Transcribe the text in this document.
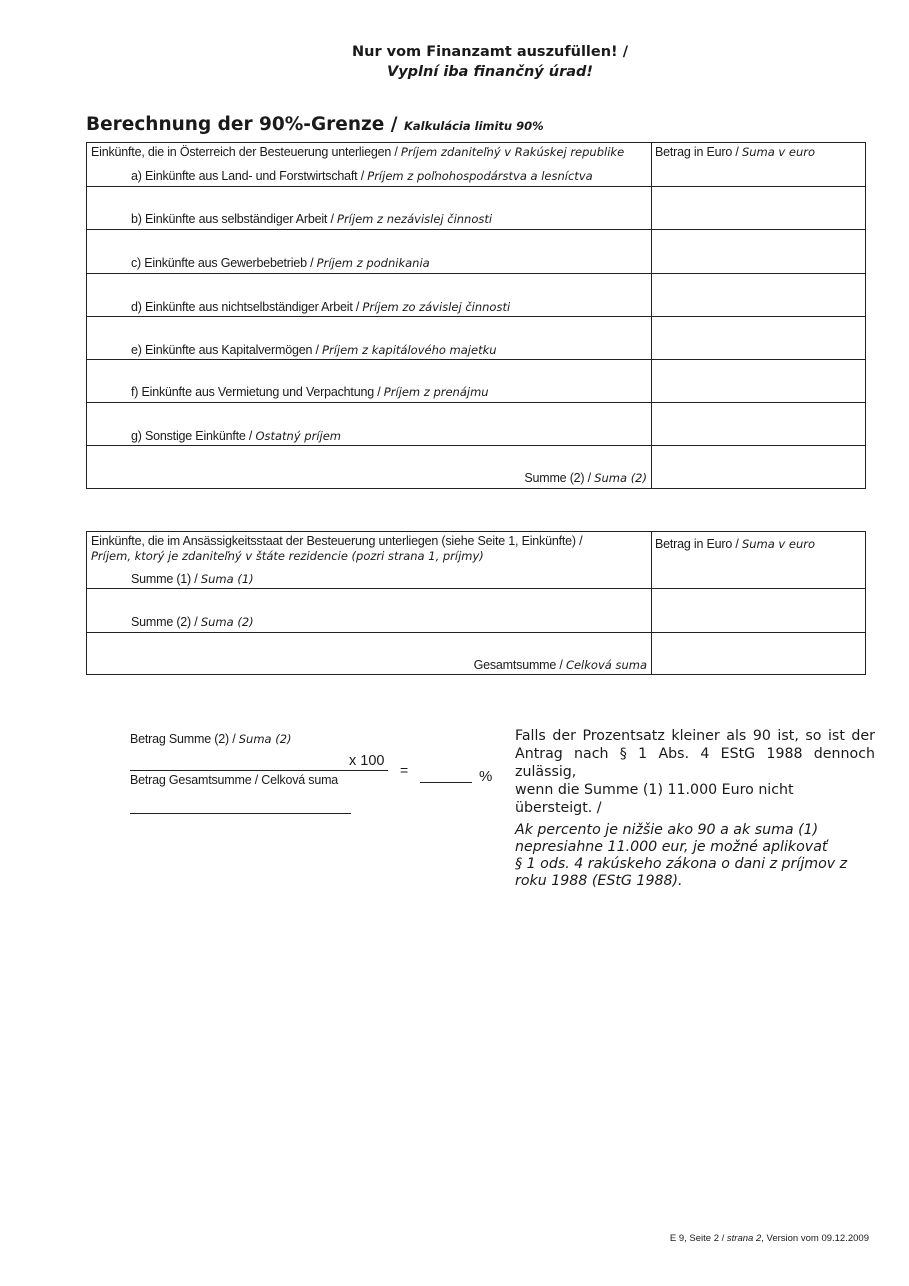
Nur vom Finanzamt auszufüllen! /
Vyplní iba finančný úrad!
Berechnung der 90%-Grenze / Kalkulácia limitu 90%
Einkünfte, die in Österreich der Besteuerung unterliegen / Príjem zdaniteľný v Rakúskej republike
a) Einkünfte aus Land- und Forstwirtschaft / Príjem z poľnohospodárstva a lesníctva
Betrag in Euro / Suma v euro
b) Einkünfte aus selbständiger Arbeit / Príjem z nezávislej činnosti
c) Einkünfte aus Gewerbebetrieb / Príjem z podnikania
d) Einkünfte aus nichtselbständiger Arbeit / Príjem zo závislej činnosti
e) Einkünfte aus Kapitalvermögen / Príjem z kapitálového majetku
f) Einkünfte aus Vermietung und Verpachtung / Príjem z prenájmu
g) Sonstige Einkünfte / Ostatný príjem
Summe (2) / Suma (2)
Einkünfte, die im Ansässigkeitsstaat der Besteuerung unterliegen (siehe Seite 1, Einkünfte) /
Príjem, ktorý je zdaniteľný v štáte rezidencie (pozri strana 1, príjmy)
Summe (1) / Suma (1)
Betrag in Euro / Suma v euro
Summe (2) / Suma (2)
Gesamtsumme / Celková suma
Betrag Summe (2) / Suma (2)
x 100
Betrag Gesamtsumme / Celková suma
=	%
Falls der Prozentsatz kleiner als 90 ist, so ist der
Antrag nach § 1 Abs. 4 EStG 1988 dennoch zulässig,
wenn die Summe (1) 11.000 Euro nicht übersteigt. /
Ak percento je nižšie ako 90 a ak suma (1)
nepresiahne 11.000 eur, je možné aplikovať
§ 1 ods. 4 rakúskeho zákona o dani z príjmov z
roku 1988 (EStG 1988).
E 9, Seite 2 / strana 2, Version vom 09.12.2009
